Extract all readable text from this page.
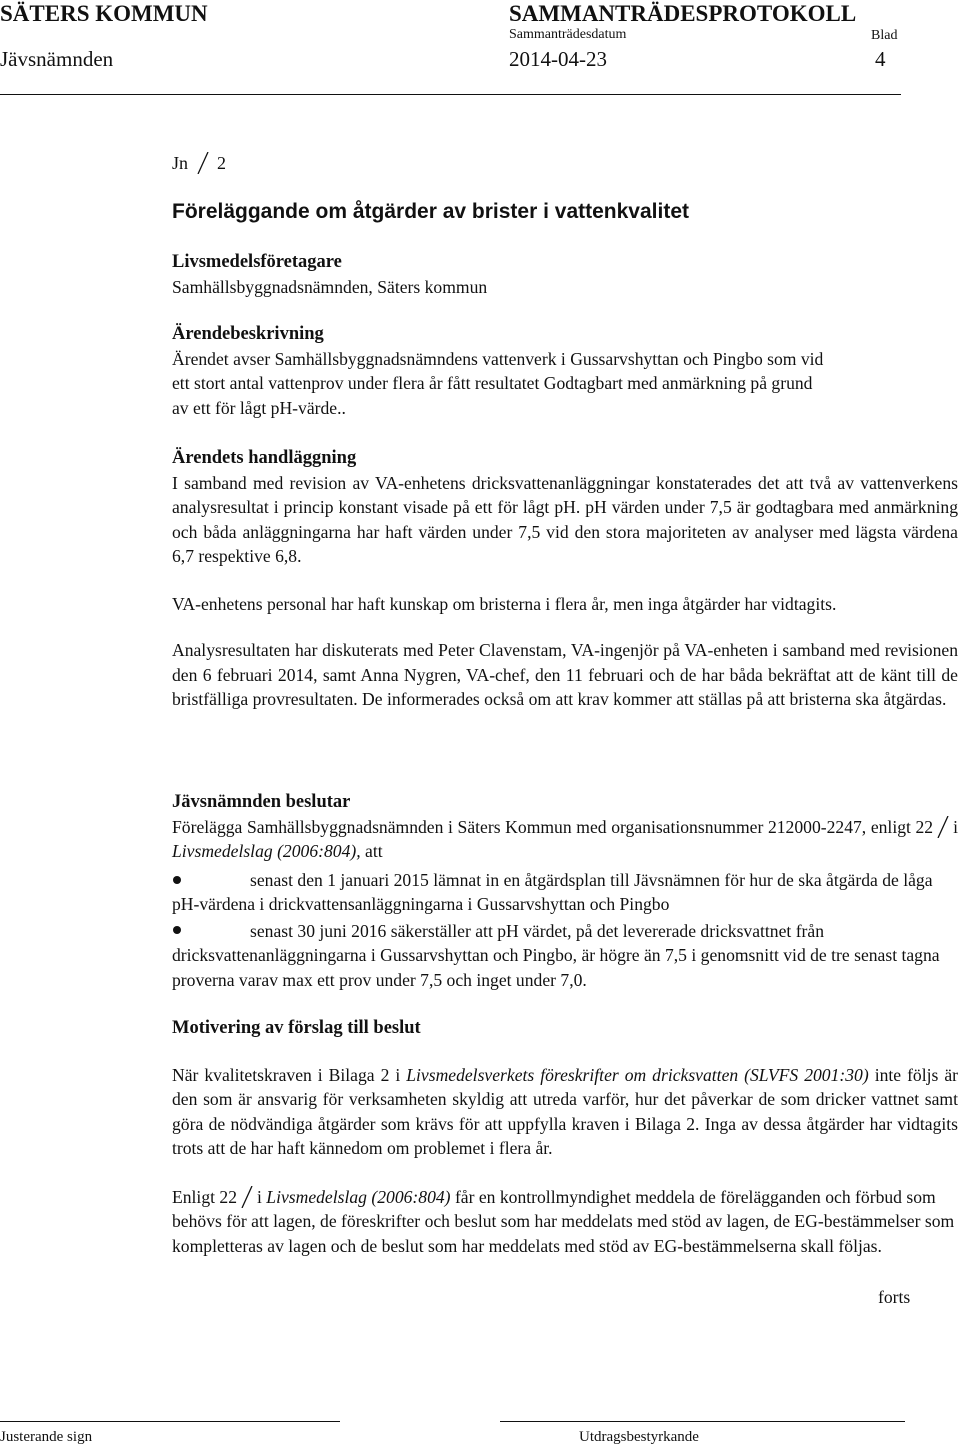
SÄTERS KOMMUN	SAMMANTRÄDESPROTOKOLL
Sammanträdesdatum	Blad
Jävsnämnden	2014-04-23	4
Jn 2
Föreläggande om åtgärder av brister i vattenkvalitet
Livsmedelsföretagare
Samhällsbyggnadsnämnden, Säters kommun
Ärendebeskrivning
Ärendet avser Samhällsbyggnadsnämndens vattenverk i Gussarvshyttan och Pingbo som vid
ett stort antal vattenprov under flera år fått resultatet Godtagbart med anmärkning på grund
av ett för lågt pH-värde..
Ärendets handläggning
I samband med revision av VA-enhetens dricksvattenanläggningar konstaterades det att två av vattenverkens analysresultat i princip konstant visade på ett för lågt pH. pH värden under 7,5 är godtagbara med anmärkning och båda anläggningarna har haft värden under 7,5 vid den stora majoriteten av analyser med lägsta värdena 6,7 respektive 6,8.
VA-enhetens personal har haft kunskap om bristerna i flera år, men inga åtgärder har vidtagits.
Analysresultaten har diskuterats med Peter Clavenstam, VA-ingenjör på VA-enheten i samband med revisionen den 6 februari 2014, samt Anna Nygren, VA-chef, den 11 februari och de har båda bekräftat att de känt till de bristfälliga provresultaten. De informerades också om att krav kommer att ställas på att bristerna ska åtgärdas.
Jävsnämnden beslutar
Förelägga Samhällsbyggnadsnämnden i Säters Kommun med organisationsnummer 212000-2247, enligt 22 i Livsmedelslag (2006:804), att
senast den 1 januari 2015 lämnat in en åtgärdsplan till Jävsnämnen för hur de ska åtgärda de låga pH-värdena i drickvattensanläggningarna i Gussarvshyttan och Pingbo
senast 30 juni 2016 säkerställer att pH värdet, på det levererade dricksvattnet från dricksvattenanläggningarna i Gussarvshyttan och Pingbo, är högre än 7,5 i genomsnitt vid de tre senast tagna proverna varav max ett prov under 7,5 och inget under 7,0.
Motivering av förslag till beslut
När kvalitetskraven i Bilaga 2 i Livsmedelsverkets föreskrifter om dricksvatten (SLVFS 2001:30) inte följs är den som är ansvarig för verksamheten skyldig att utreda varför, hur det påverkar de som dricker vattnet samt göra de nödvändiga åtgärder som krävs för att uppfylla kraven i Bilaga 2. Inga av dessa åtgärder har vidtagits trots att de har haft kännedom om problemet i flera år.
Enligt 22 i Livsmedelslag (2006:804) får en kontrollmyndighet meddela de förelägganden och förbud som behövs för att lagen, de föreskrifter och beslut som har meddelats med stöd av lagen, de EG-bestämmelser som kompletteras av lagen och de beslut som har meddelats med stöd av EG-bestämmelserna skall följas.
forts
Justerande sign	Utdragsbestyrkande
